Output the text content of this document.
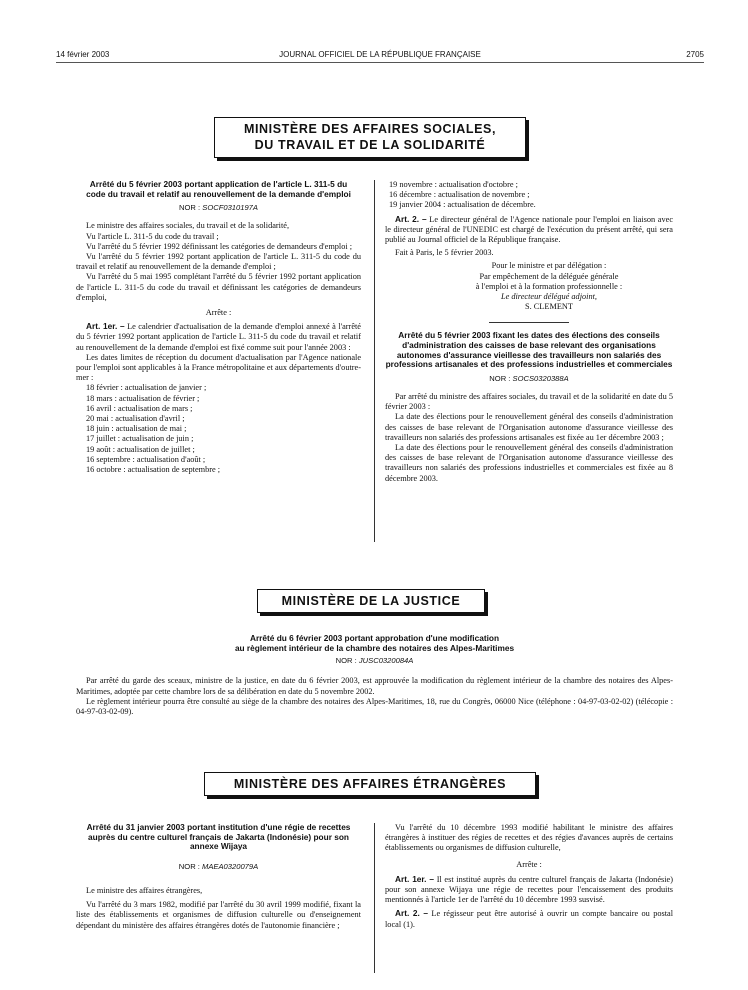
14 février 2003	JOURNAL OFFICIEL DE LA RÉPUBLIQUE FRANÇAISE	2705
MINISTÈRE DES AFFAIRES SOCIALES,
DU TRAVAIL ET DE LA SOLIDARITÉ
Arrêté du 5 février 2003 portant application de l'article L. 311-5 du code du travail et relatif au renouvellement de la demande d'emploi
NOR : SOCF0310197A

Le ministre des affaires sociales, du travail et de la solidarité,

Vu l'article L. 311-5 du code du travail ;

Vu l'arrêté du 5 février 1992 définissant les catégories de demandeurs d'emploi ;

Vu l'arrêté du 5 février 1992 portant application de l'article L. 311-5 du code du travail et relatif au renouvellement de la demande d'emploi ;

Vu l'arrêté du 5 mai 1995 complétant l'arrêté du 5 février 1992 portant application de l'article L. 311-5 du code du travail et définissant les catégories de demandeurs d'emploi,

Arrête :

Art. 1er. – Le calendrier d'actualisation de la demande d'emploi annexé à l'arrêté du 5 février 1992 portant application de l'article L. 311-5 du code du travail et relatif au renouvellement de la demande d'emploi est fixé comme suit pour l'année 2003 :

Les dates limites de réception du document d'actualisation par l'Agence nationale pour l'emploi sont applicables à la France métropolitaine et aux départements d'outre-mer :

18 février : actualisation de janvier ;
18 mars : actualisation de février ;
16 avril : actualisation de mars ;
20 mai : actualisation d'avril ;
18 juin : actualisation de mai ;
17 juillet : actualisation de juin ;
19 août : actualisation de juillet ;
16 septembre : actualisation d'août ;
16 octobre : actualisation de septembre ;
19 novembre : actualisation d'octobre ;
16 décembre : actualisation de novembre ;
19 janvier 2004 : actualisation de décembre.

Art. 2. – Le directeur général de l'Agence nationale pour l'emploi en liaison avec le directeur général de l'UNEDIC est chargé de l'exécution du présent arrêté, qui sera publié au Journal officiel de la République française.

Fait à Paris, le 5 février 2003.

Pour le ministre et par délégation :

Par empêchement de la déléguée générale

à l'emploi et à la formation professionnelle :

Le directeur délégué adjoint,

S. CLEMENT

Arrêté du 5 février 2003 fixant les dates des élections des conseils d'administration des caisses de base relevant des organisations autonomes d'assurance vieillesse des travailleurs non salariés des professions artisanales et des professions industrielles et commerciales
NOR : SOCS0320388A

Par arrêté du ministre des affaires sociales, du travail et de la solidarité en date du 5 février 2003 :

La date des élections pour le renouvellement général des conseils d'administration des caisses de base relevant de l'Organisation autonome d'assurance vieillesse des travailleurs non salariés des professions artisanales est fixée au 1er décembre 2003 ;

La date des élections pour le renouvellement général des conseils d'administration des caisses de base relevant de l'Organisation autonome d'assurance vieillesse des travailleurs non salariés des professions industrielles et commerciales est fixée au 8 décembre 2003.

MINISTÈRE DE LA JUSTICE
Arrêté du 6 février 2003 portant approbation d'une modification
au règlement intérieur de la chambre des notaires des Alpes-Maritimes
NOR : JUSC0320084A

Par arrêté du garde des sceaux, ministre de la justice, en date du 6 février 2003, est approuvée la modification du règlement intérieur de la chambre des notaires des Alpes-Maritimes, adoptée par cette chambre lors de sa délibération en date du 5 novembre 2002.

Le règlement intérieur pourra être consulté au siège de la chambre des notaires des Alpes-Maritimes, 18, rue du Congrès, 06000 Nice (téléphone : 04-97-03-02-02) (télécopie : 04-97-03-02-09).

MINISTÈRE DES AFFAIRES ÉTRANGÈRES
Arrêté du 31 janvier 2003 portant institution d'une régie de recettes auprès du centre culturel français de Jakarta (Indonésie) pour son annexe Wijaya
NOR : MAEA0320079A

Le ministre des affaires étrangères,

Vu l'arrêté du 3 mars 1982, modifié par l'arrêté du 30 avril 1999 modifié, fixant la liste des établissements et organismes de diffusion culturelle ou d'enseignement dépendant du ministère des affaires étrangères dotés de l'autonomie financière ;

Vu l'arrêté du 10 décembre 1993 modifié habilitant le ministre des affaires étrangères à instituer des régies de recettes et des régies d'avances auprès de certains établissements ou organismes de diffusion culturelle,

Arrête :

Art. 1er. – Il est institué auprès du centre culturel français de Jakarta (Indonésie) pour son annexe Wijaya une régie de recettes pour l'encaissement des produits mentionnés à l'article 1er de l'arrêté du 10 décembre 1993 susvisé.

Art. 2. – Le régisseur peut être autorisé à ouvrir un compte bancaire ou postal local (1).
